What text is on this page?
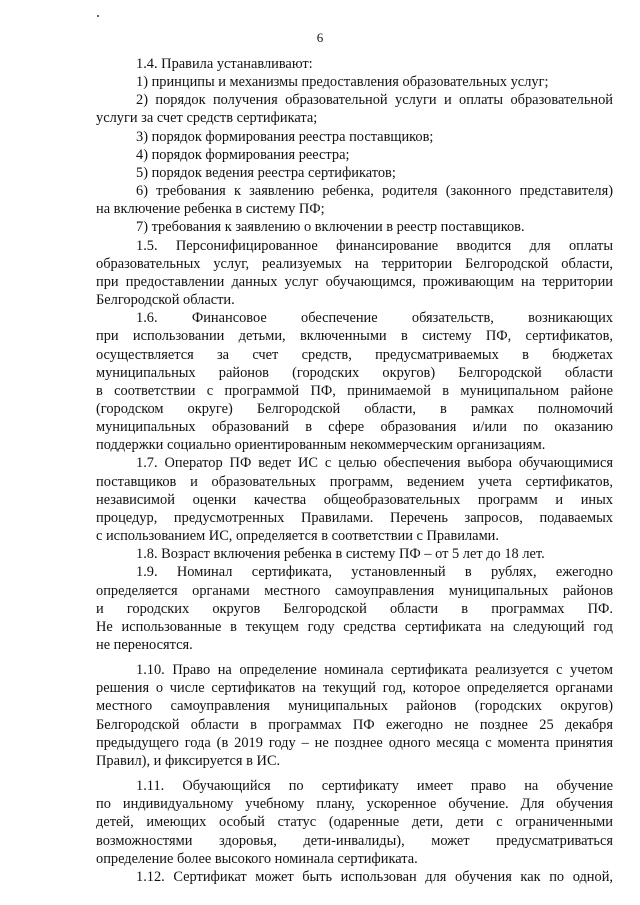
6

1.4. Правила устанавливают:

1) принципы и механизмы предоставления образовательных услуг;

2) порядок получения образовательной услуги и оплаты образовательной

услуги за счет средств сертификата;

3) порядок формирования реестра поставщиков;

4) порядок формирования реестра;

5) порядок ведения реестра сертификатов;

6) требования к заявлению ребенка, родителя (законного представителя)

на включение ребенка в систему ПФ;

7) требования к заявлению о включении в реестр поставщиков.

1.5. Персонифицированное финансирование вводится для оплаты

образовательных услуг, реализуемых на территории Белгородской области,

при предоставлении данных услуг обучающимся, проживающим на территории

Белгородской области.

1.6. Финансовое обеспечение обязательств, возникающих

при использовании детьми, включенными в систему ПФ, сертификатов,

осуществляется за счет средств, предусматриваемых в бюджетах

муниципальных районов (городских округов) Белгородской области

в соответствии с программой ПФ, принимаемой в муниципальном районе

(городском округе) Белгородской области, в рамках полномочий

муниципальных образований в сфере образования и/или по оказанию

поддержки социально ориентированным некоммерческим организациям.

1.7. Оператор ПФ ведет ИС с целью обеспечения выбора обучающимися

поставщиков и образовательных программ, ведением учета сертификатов,

независимой оценки качества общеобразовательных программ и иных

процедур, предусмотренных Правилами. Перечень запросов, подаваемых

с использованием ИС, определяется в соответствии с Правилами.

1.8. Возраст включения ребенка в систему ПФ – от 5 лет до 18 лет.

1.9. Номинал сертификата, установленный в рублях, ежегодно

определяется органами местного самоуправления муниципальных районов

и городских округов Белгородской области в программах ПФ.

Не использованные в текущем году средства сертификата на следующий год

не переносятся.

1.10. Право на определение номинала сертификата реализуется с учетом

решения о числе сертификатов на текущий год, которое определяется органами

местного самоуправления муниципальных районов (городских округов)

Белгородской области в программах ПФ ежегодно не позднее 25 декабря

предыдущего года (в 2019 году – не позднее одного месяца с момента принятия

Правил), и фиксируется в ИС.

1.11. Обучающийся по сертификату имеет право на обучение

по индивидуальному учебному плану, ускоренное обучение. Для обучения

детей, имеющих особый статус (одаренные дети, дети с ограниченными

возможностями здоровья, дети-инвалиды), может предусматриваться

определение более высокого номинала сертификата.

1.12. Сертификат может быть использован для обучения как по одной,
